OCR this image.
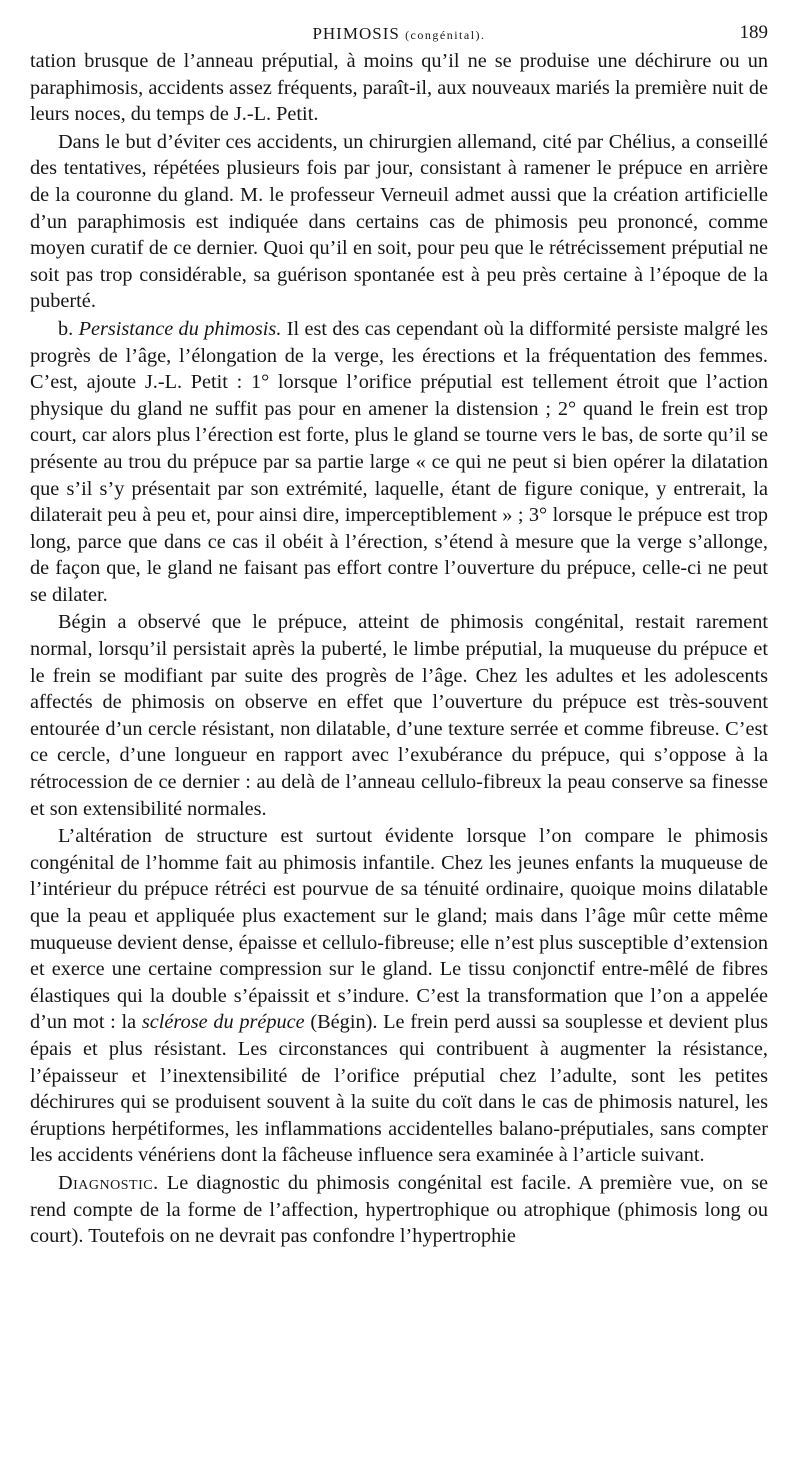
PHIMOSIS (congénital).	189

tation brusque de l’anneau préputial, à moins qu’il ne se produise une déchirure ou un paraphimosis, accidents assez fréquents, paraît-il, aux nouveaux mariés la première nuit de leurs noces, du temps de J.-L. Petit.

Dans le but d’éviter ces accidents, un chirurgien allemand, cité par Chélius, a conseillé des tentatives, répétées plusieurs fois par jour, consistant à ramener le prépuce en arrière de la couronne du gland. M. le professeur Verneuil admet aussi que la création artificielle d’un paraphimosis est indiquée dans certains cas de phimosis peu prononcé, comme moyen curatif de ce dernier. Quoi qu’il en soit, pour peu que le rétrécissement préputial ne soit pas trop considérable, sa guérison spontanée est à peu près certaine à l’époque de la puberté.

b. Persistance du phimosis. Il est des cas cependant où la difformité persiste malgré les progrès de l’âge, l’élongation de la verge, les érections et la fréquentation des femmes. C’est, ajoute J.-L. Petit : 1° lorsque l’orifice préputial est tellement étroit que l’action physique du gland ne suffit pas pour en amener la distension ; 2° quand le frein est trop court, car alors plus l’érection est forte, plus le gland se tourne vers le bas, de sorte qu’il se présente au trou du prépuce par sa partie large « ce qui ne peut si bien opérer la dilatation que s’il s’y présentait par son extrémité, laquelle, étant de figure conique, y entrerait, la dilaterait peu à peu et, pour ainsi dire, imperceptiblement » ; 3° lorsque le prépuce est trop long, parce que dans ce cas il obéit à l’érection, s’étend à mesure que la verge s’allonge, de façon que, le gland ne faisant pas effort contre l’ouverture du prépuce, celle-ci ne peut se dilater.

Bégin a observé que le prépuce, atteint de phimosis congénital, restait rarement normal, lorsqu’il persistait après la puberté, le limbe préputial, la muqueuse du prépuce et le frein se modifiant par suite des progrès de l’âge. Chez les adultes et les adolescents affectés de phimosis on observe en effet que l’ouverture du prépuce est très-souvent entourée d’un cercle résistant, non dilatable, d’une texture serrée et comme fibreuse. C’est ce cercle, d’une longueur en rapport avec l’exubérance du prépuce, qui s’oppose à la rétrocession de ce dernier : au delà de l’anneau cellulo-fibreux la peau conserve sa finesse et son extensibilité normales.

L’altération de structure est surtout évidente lorsque l’on compare le phimosis congénital de l’homme fait au phimosis infantile. Chez les jeunes enfants la muqueuse de l’intérieur du prépuce rétréci est pourvue de sa ténuité ordinaire, quoique moins dilatable que la peau et appliquée plus exactement sur le gland; mais dans l’âge mûr cette même muqueuse devient dense, épaisse et cellulo-fibreuse; elle n’est plus susceptible d’extension et exerce une certaine compression sur le gland. Le tissu conjonctif entre-mêlé de fibres élastiques qui la double s’épaissit et s’indure. C’est la transformation que l’on a appelée d’un mot : la sclérose du prépuce (Bégin). Le frein perd aussi sa souplesse et devient plus épais et plus résistant. Les circonstances qui contribuent à augmenter la résistance, l’épaisseur et l’inextensibilité de l’orifice préputial chez l’adulte, sont les petites déchirures qui se produisent souvent à la suite du coït dans le cas de phimosis naturel, les éruptions herpétiformes, les inflammations accidentelles balano-préputiales, sans compter les accidents vénériens dont la fâcheuse influence sera examinée à l’article suivant.

Diagnostic. Le diagnostic du phimosis congénital est facile. A première vue, on se rend compte de la forme de l’affection, hypertrophique ou atrophique (phimosis long ou court). Toutefois on ne devrait pas confondre l’hypertrophie
